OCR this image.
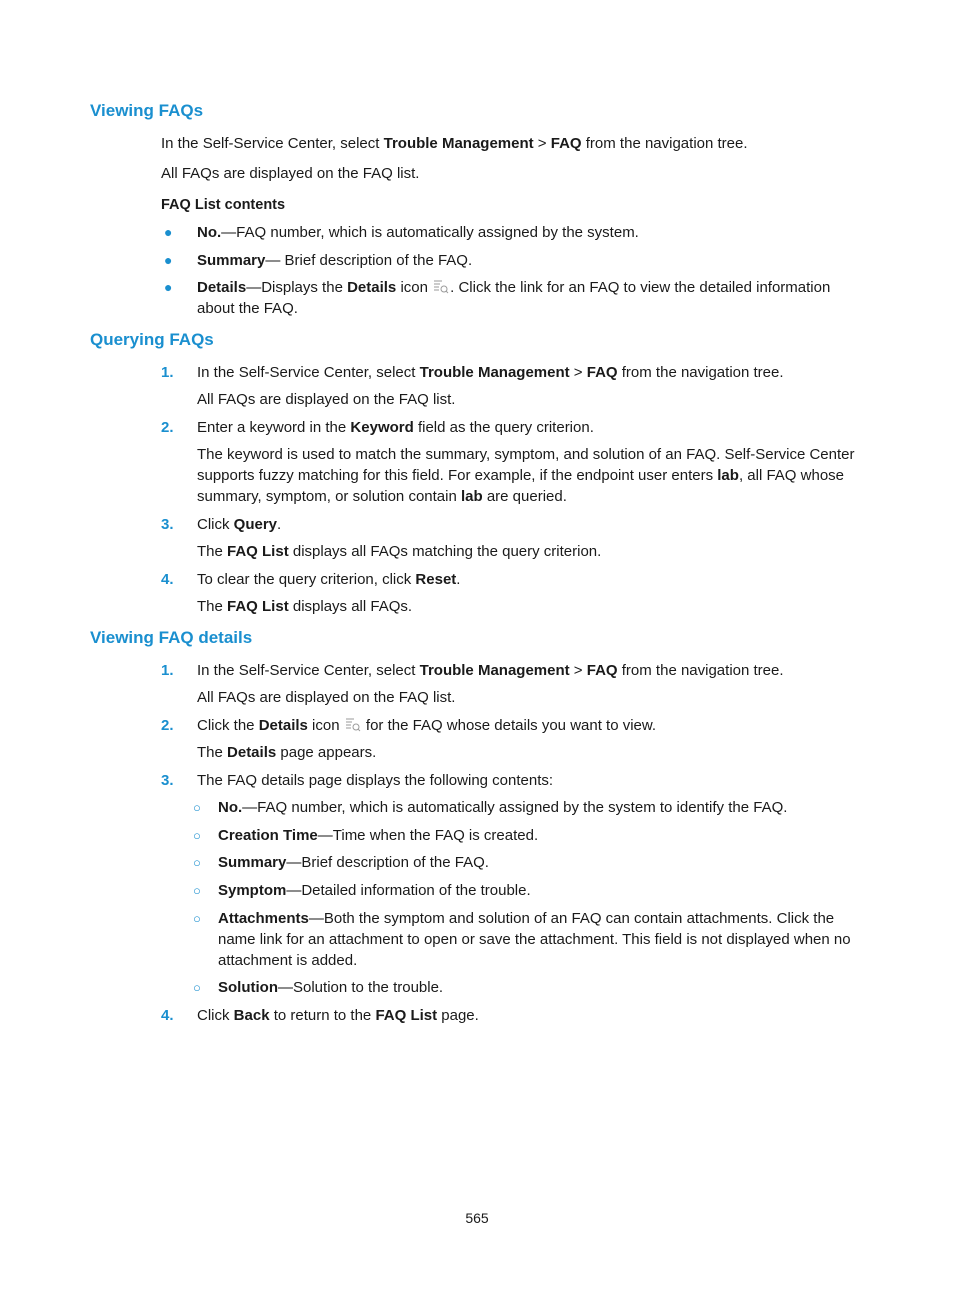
Viewing FAQs
In the Self-Service Center, select Trouble Management > FAQ from the navigation tree.
All FAQs are displayed on the FAQ list.
FAQ List contents
● No.—FAQ number, which is automatically assigned by the system.
● Summary— Brief description of the FAQ.
● Details—Displays the Details icon . Click the link for an FAQ to view the detailed information
about the FAQ.
Querying FAQs
1. In the Self-Service Center, select Trouble Management > FAQ from the navigation tree.
All FAQs are displayed on the FAQ list.
2. Enter a keyword in the Keyword field as the query criterion.
The keyword is used to match the summary, symptom, and solution of an FAQ. Self-Service Center
supports fuzzy matching for this field. For example, if the endpoint user enters lab, all FAQ whose
summary, symptom, or solution contain lab are queried.
3. Click Query.
The FAQ List displays all FAQs matching the query criterion.
4. To clear the query criterion, click Reset.
The FAQ List displays all FAQs.
Viewing FAQ details
1. In the Self-Service Center, select Trouble Management > FAQ from the navigation tree.
All FAQs are displayed on the FAQ list.
2. Click the Details icon  for the FAQ whose details you want to view.
The Details page appears.
3. The FAQ details page displays the following contents:
○ No.—FAQ number, which is automatically assigned by the system to identify the FAQ.
○ Creation Time—Time when the FAQ is created.
○ Summary—Brief description of the FAQ.
○ Symptom—Detailed information of the trouble.
○ Attachments—Both the symptom and solution of an FAQ can contain attachments. Click the
name link for an attachment to open or save the attachment. This field is not displayed when no
attachment is added.
○ Solution—Solution to the trouble.
4. Click Back to return to the FAQ List page.
565
